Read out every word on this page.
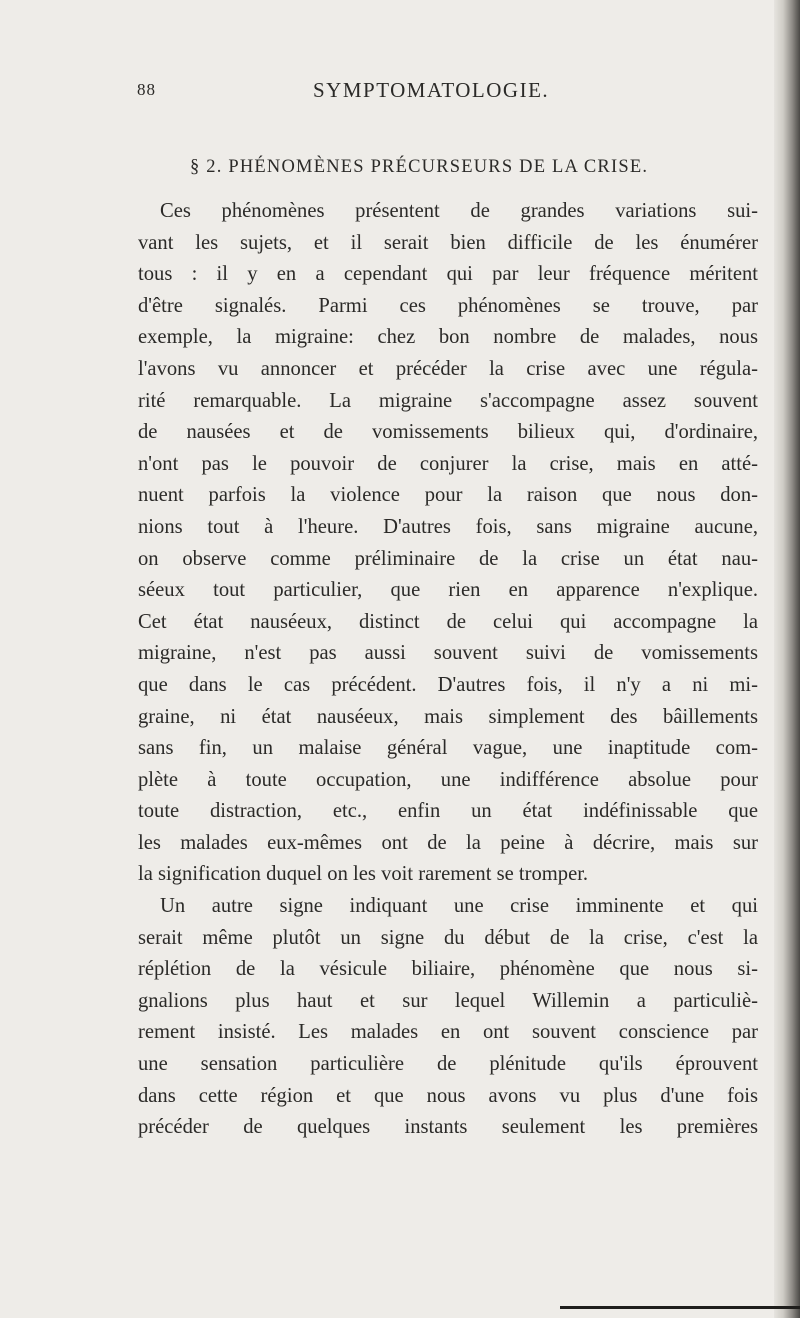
88	SYMPTOMATOLOGIE.
§ 2. PHÉNOMÈNES PRÉCURSEURS DE LA CRISE.
Ces phénomènes présentent de grandes variations sui-
vant les sujets, et il serait bien difficile de les énumérer
tous : il y en a cependant qui par leur fréquence méritent
d'être signalés. Parmi ces phénomènes se trouve, par
exemple, la migraine: chez bon nombre de malades, nous
l'avons vu annoncer et précéder la crise avec une régula-
rité remarquable. La migraine s'accompagne assez souvent
de nausées et de vomissements bilieux qui, d'ordinaire,
n'ont pas le pouvoir de conjurer la crise, mais en atté-
nuent parfois la violence pour la raison que nous don-
nions tout à l'heure. D'autres fois, sans migraine aucune,
on observe comme préliminaire de la crise un état nau-
séeux tout particulier, que rien en apparence n'explique.
Cet état nauséeux, distinct de celui qui accompagne la
migraine, n'est pas aussi souvent suivi de vomissements
que dans le cas précédent. D'autres fois, il n'y a ni mi-
graine, ni état nauséeux, mais simplement des bâillements
sans fin, un malaise général vague, une inaptitude com-
plète à toute occupation, une indifférence absolue pour
toute distraction, etc., enfin un état indéfinissable que
les malades eux-mêmes ont de la peine à décrire, mais sur
la signification duquel on les voit rarement se tromper.
Un autre signe indiquant une crise imminente et qui
serait même plutôt un signe du début de la crise, c'est la
réplétion de la vésicule biliaire, phénomène que nous si-
gnalions plus haut et sur lequel Willemin a particuliè-
rement insisté. Les malades en ont souvent conscience par
une sensation particulière de plénitude qu'ils éprouvent
dans cette région et que nous avons vu plus d'une fois
précéder de quelques instants seulement les premières
